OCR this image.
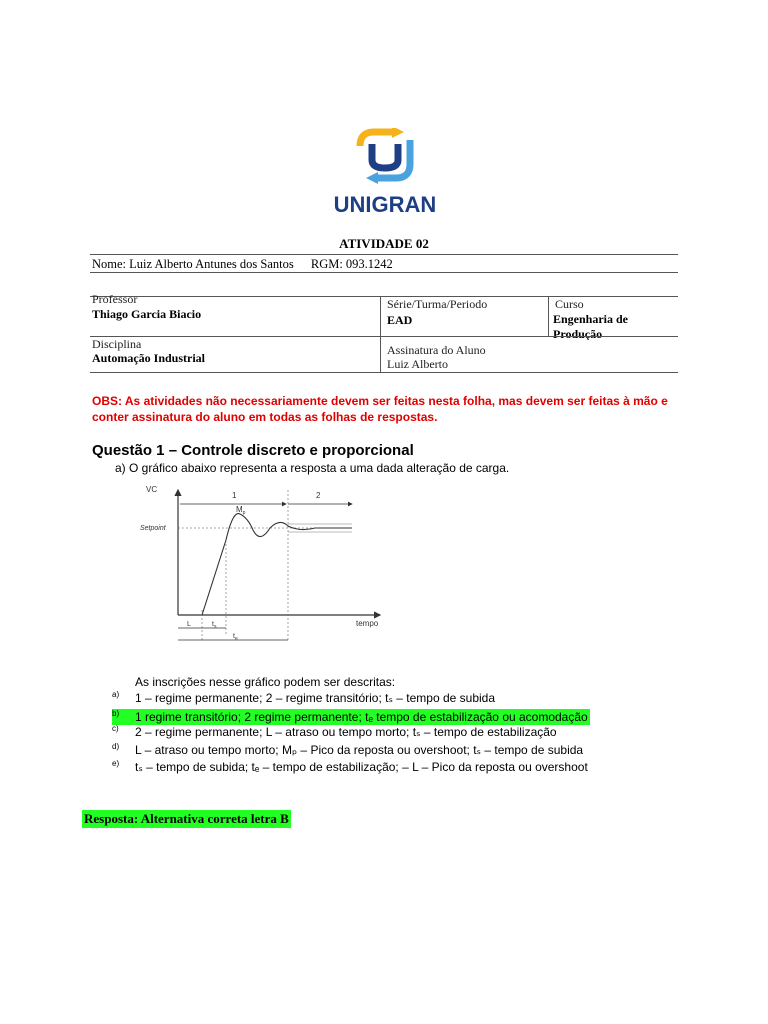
UNIGRAN
ATIVIDADE 02
Nome: Luiz Alberto Antunes dos Santos RGM: 093.1242
Professor
Thiago Garcia Biacio
Série/Turma/Periodo
EAD
Curso
Engenharia de Produção
Disciplina
Automação Industrial
Assinatura do Aluno
Luiz Alberto
OBS: As atividades não necessariamente devem ser feitas nesta folha, mas devem ser feitas à mão e conter assinatura do aluno em todas as folhas de respostas.
Questão 1 – Controle discreto e proporcional
a) O gráfico abaixo representa a resposta a uma dada alteração de carga.
VC
tempo
Setpoint
1	2
$M_p$
L	$t_s$
$t_e$
As inscrições nesse gráfico podem ser descritas:
a) 1 – regime permanente; 2 – regime transitório; tₛ – tempo de subida
b) 1 regime transitório; 2 regime permanente; tₑ tempo de estabilização ou acomodação
c) 2 – regime permanente; L – atraso ou tempo morto; tₛ – tempo de estabilização
d) L – atraso ou tempo morto; Mₚ – Pico da reposta ou overshoot; tₛ – tempo de subida
e) tₛ – tempo de subida; tₑ – tempo de estabilização; – L – Pico da reposta ou overshoot
Resposta: Alternativa correta letra B
